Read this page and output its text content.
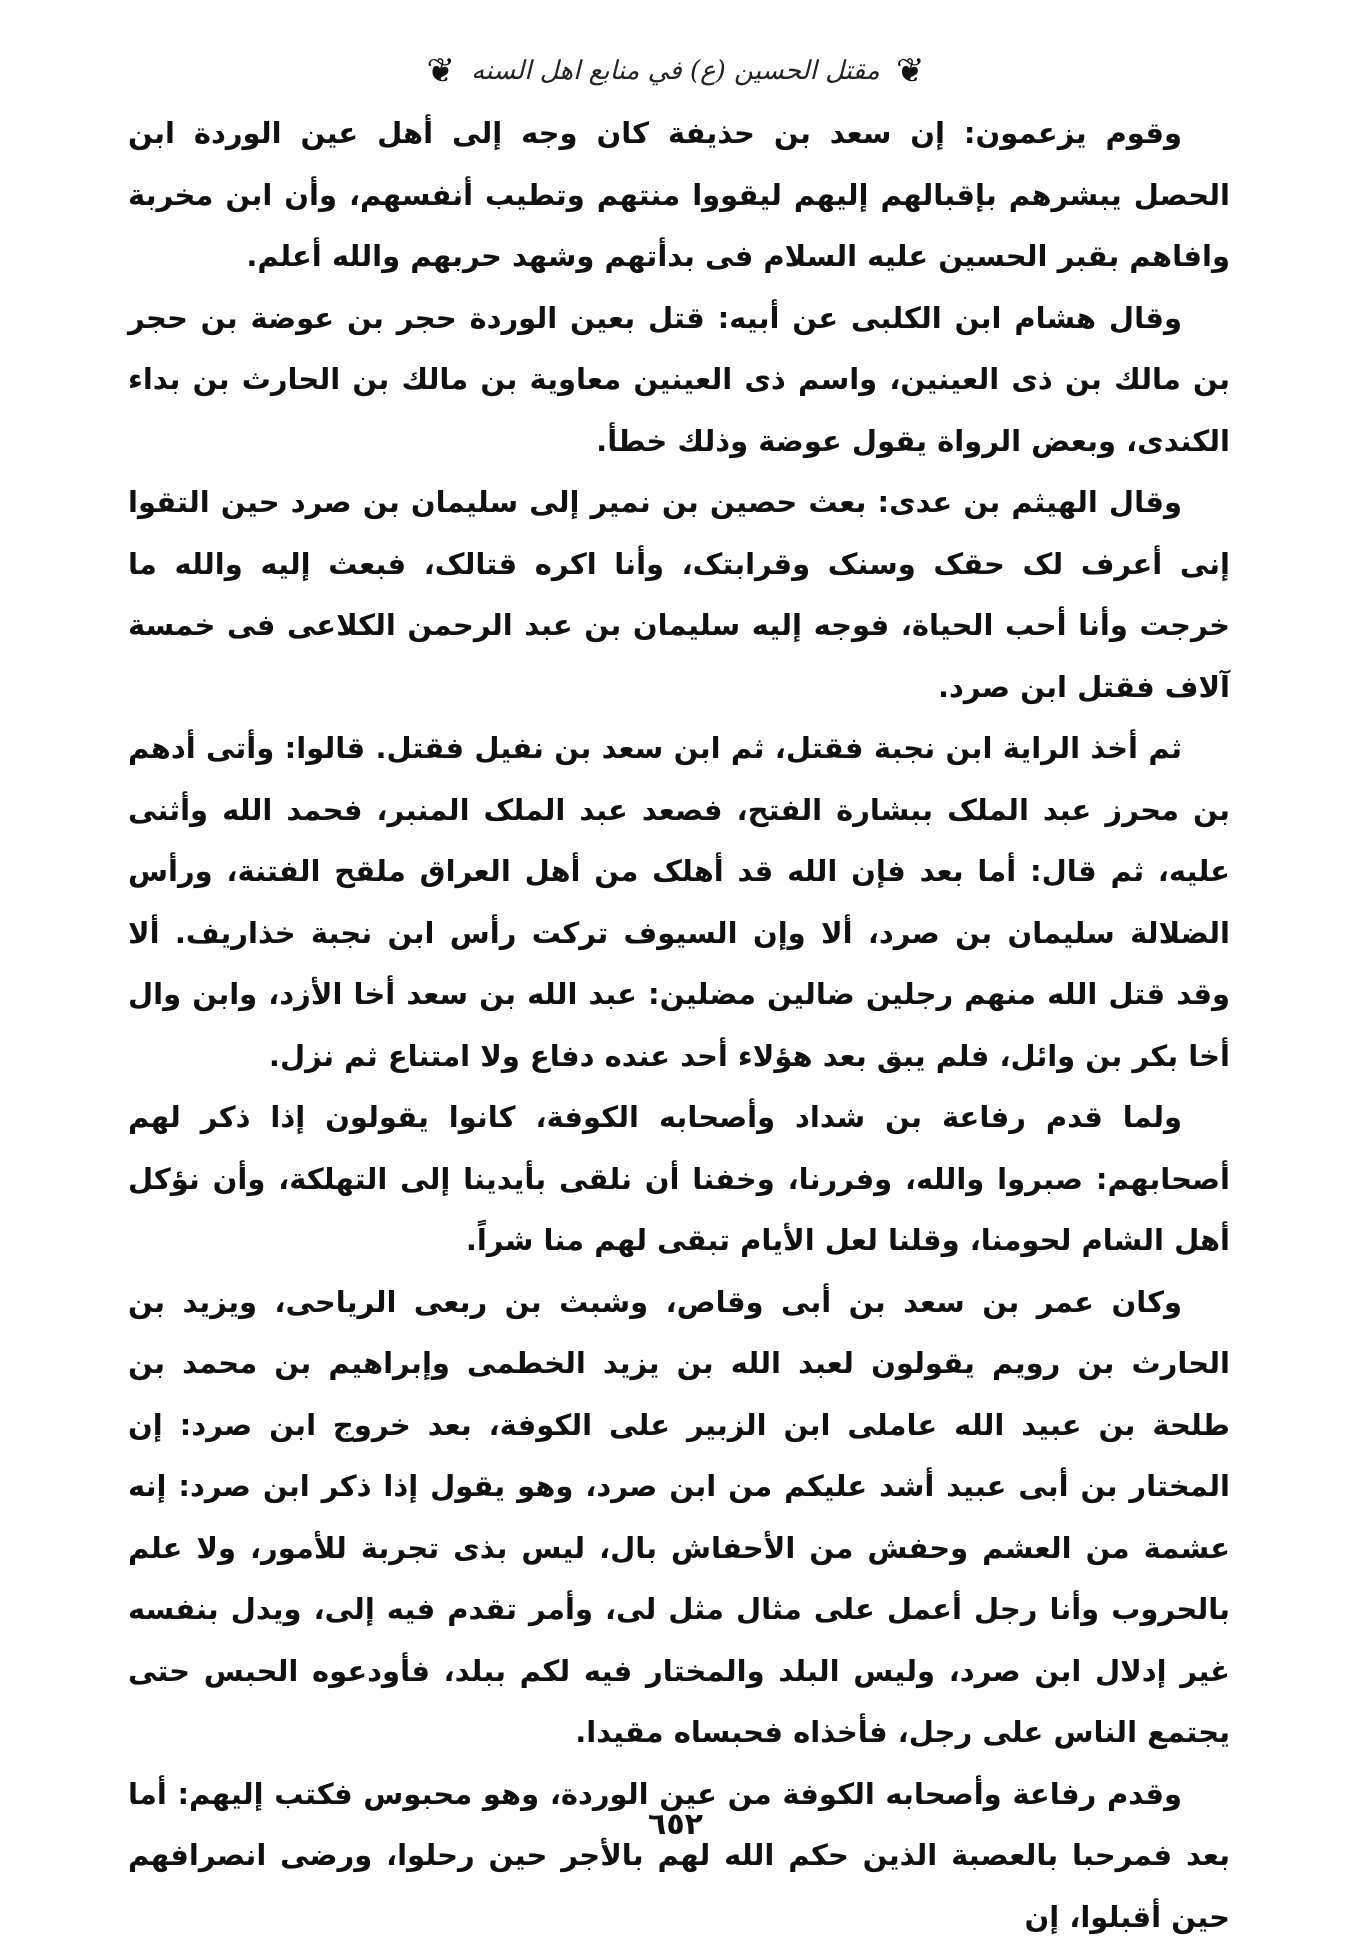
❦ مقتل الحسين (ع) في منابع اهل السنه ❦

وقوم يزعمون: إن سعد بن حذيفة كان وجه إلى أهل عين الوردة ابن الحصل يبشرهم بإقبالهم إليهم ليقووا منتهم وتطيب أنفسهم، وأن ابن مخربة وافاهم بقبر الحسين عليه السلام فى بدأتهم وشهد حربهم والله أعلم.

وقال هشام ابن الكلبى عن أبيه: قتل بعين الوردة حجر بن عوضة بن حجر بن مالك بن ذى العينين، واسم ذى العينين معاوية بن مالك بن الحارث بن بداء الكندى، وبعض الرواة يقول عوضة وذلك خطأ.

وقال الهيثم بن عدى: بعث حصين بن نمير إلى سليمان بن صرد حين التقوا إنى أعرف لک حقک وسنک وقرابتک، وأنا اكره قتالک، فبعث إليه والله ما خرجت وأنا أحب الحياة، فوجه إليه سليمان بن عبد الرحمن الكلاعى فى خمسة آلاف فقتل ابن صرد.

ثم أخذ الراية ابن نجبة فقتل، ثم ابن سعد بن نفيل فقتل. قالوا: وأتى أدهم بن محرز عبد الملک ببشارة الفتح، فصعد عبد الملک المنبر، فحمد الله وأثنى عليه، ثم قال: أما بعد فإن الله قد أهلک من أهل العراق ملقح الفتنة، ورأس الضلالة سليمان بن صرد، ألا وإن السيوف تركت رأس ابن نجبة خذاريف. ألا وقد قتل الله منهم رجلين ضالين مضلين: عبد الله بن سعد أخا الأزد، وابن وال أخا بكر بن وائل، فلم يبق بعد هؤلاء أحد عنده دفاع ولا امتناع ثم نزل.

ولما قدم رفاعة بن شداد وأصحابه الكوفة، كانوا يقولون إذا ذكر لهم أصحابهم: صبروا والله، وفررنا، وخفنا أن نلقى بأيدينا إلى التهلكة، وأن نؤكل أهل الشام لحومنا، وقلنا لعل الأيام تبقى لهم منا شراً.

وكان عمر بن سعد بن أبى وقاص، وشبث بن ربعى الرياحى، ويزيد بن الحارث بن رويم يقولون لعبد الله بن يزيد الخطمى وإبراهيم بن محمد بن طلحة بن عبيد الله عاملى ابن الزبير على الكوفة، بعد خروج ابن صرد: إن المختار بن أبى عبيد أشد عليكم من ابن صرد، وهو يقول إذا ذكر ابن صرد: إنه عشمة من العشم وحفش من الأحفاش بال، ليس بذى تجربة للأمور، ولا علم بالحروب وأنا رجل أعمل على مثال مثل لى، وأمر تقدم فيه إلى، ويدل بنفسه غير إدلال ابن صرد، وليس البلد والمختار فيه لكم ببلد، فأودعوه الحبس حتى يجتمع الناس على رجل، فأخذاه فحبساه مقيدا.

وقدم رفاعة وأصحابه الكوفة من عين الوردة، وهو محبوس فكتب إليهم: أما بعد فمرحبا بالعصبة الذين حكم الله لهم بالأجر حين رحلوا، ورضى انصرافهم حين أقبلوا، إن

٦٥٢
